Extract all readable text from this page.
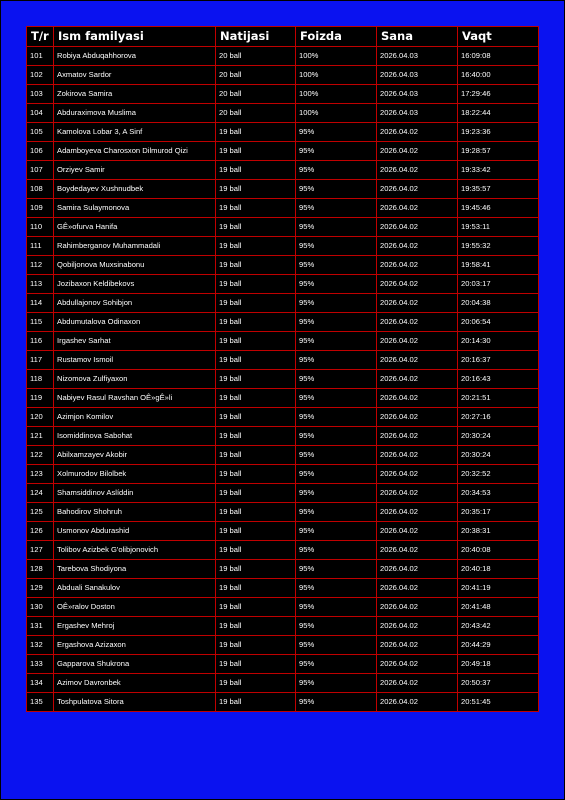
T/r	Ism familyasi	Natijasi	Foizda	Sana	Vaqt
101	Robiya Abduqahhorova	20 ball	100%	2026.04.03	16:09:08
102	Axmatov Sardor	20 ball	100%	2026.04.03	16:40:00
103	Zokirova Samira	20 ball	100%	2026.04.03	17:29:46
104	Abduraximova Muslima	20 ball	100%	2026.04.03	18:22:44
105	Kamolova Lobar 3, A Sinf	19 ball	95%	2026.04.02	19:23:36
106	Adamboyeva Charosxon Dilmurod Qizi	19 ball	95%	2026.04.02	19:28:57
107	Orziyev Samir	19 ball	95%	2026.04.02	19:33:42
108	Boydedayev Xushnudbek	19 ball	95%	2026.04.02	19:35:57
109	Samira Sulaymonova	19 ball	95%	2026.04.02	19:45:46
110	GÊ»ofurva Hanifa	19 ball	95%	2026.04.02	19:53:11
111	Rahimberganov Muhammadali	19 ball	95%	2026.04.02	19:55:32
112	Qobiljonova Muxsinabonu	19 ball	95%	2026.04.02	19:58:41
113	Jozibaxon Keldibekovs	19 ball	95%	2026.04.02	20:03:17
114	Abdullajonov Sohibjon	19 ball	95%	2026.04.02	20:04:38
115	Abdumutalova Odinaxon	19 ball	95%	2026.04.02	20:06:54
116	Irgashev Sarhat	19 ball	95%	2026.04.02	20:14:30
117	Rustamov Ismoil	19 ball	95%	2026.04.02	20:16:37
118	Nizomova Zulfiyaxon	19 ball	95%	2026.04.02	20:16:43
119	Nabiyev Rasul Ravshan OÊ»gÊ»li	19 ball	95%	2026.04.02	20:21:51
120	Azimjon Komilov	19 ball	95%	2026.04.02	20:27:16
121	Isomiddinova Sabohat	19 ball	95%	2026.04.02	20:30:24
122	Abilxamzayev Akobir	19 ball	95%	2026.04.02	20:30:24
123	Xolmurodov Bilolbek	19 ball	95%	2026.04.02	20:32:52
124	Shamsiddinov Aslíddin	19 ball	95%	2026.04.02	20:34:53
125	Bahodirov Shohruh	19 ball	95%	2026.04.02	20:35:17
126	Usmonov Abdurashid	19 ball	95%	2026.04.02	20:38:31
127	Tolibov Azizbek G'olibjonovich	19 ball	95%	2026.04.02	20:40:08
128	Tarebova Shodiyona	19 ball	95%	2026.04.02	20:40:18
129	Abduali Sanakulov	19 ball	95%	2026.04.02	20:41:19
130	OÊ»ralov Doston	19 ball	95%	2026.04.02	20:41:48
131	Ergashev Mehroj	19 ball	95%	2026.04.02	20:43:42
132	Ergashova Azizaxon	19 ball	95%	2026.04.02	20:44:29
133	Gapparova Shukrona	19 ball	95%	2026.04.02	20:49:18
134	Azimov Davronbek	19 ball	95%	2026.04.02	20:50:37
135	Toshpulatova Sitora	19 ball	95%	2026.04.02	20:51:45
